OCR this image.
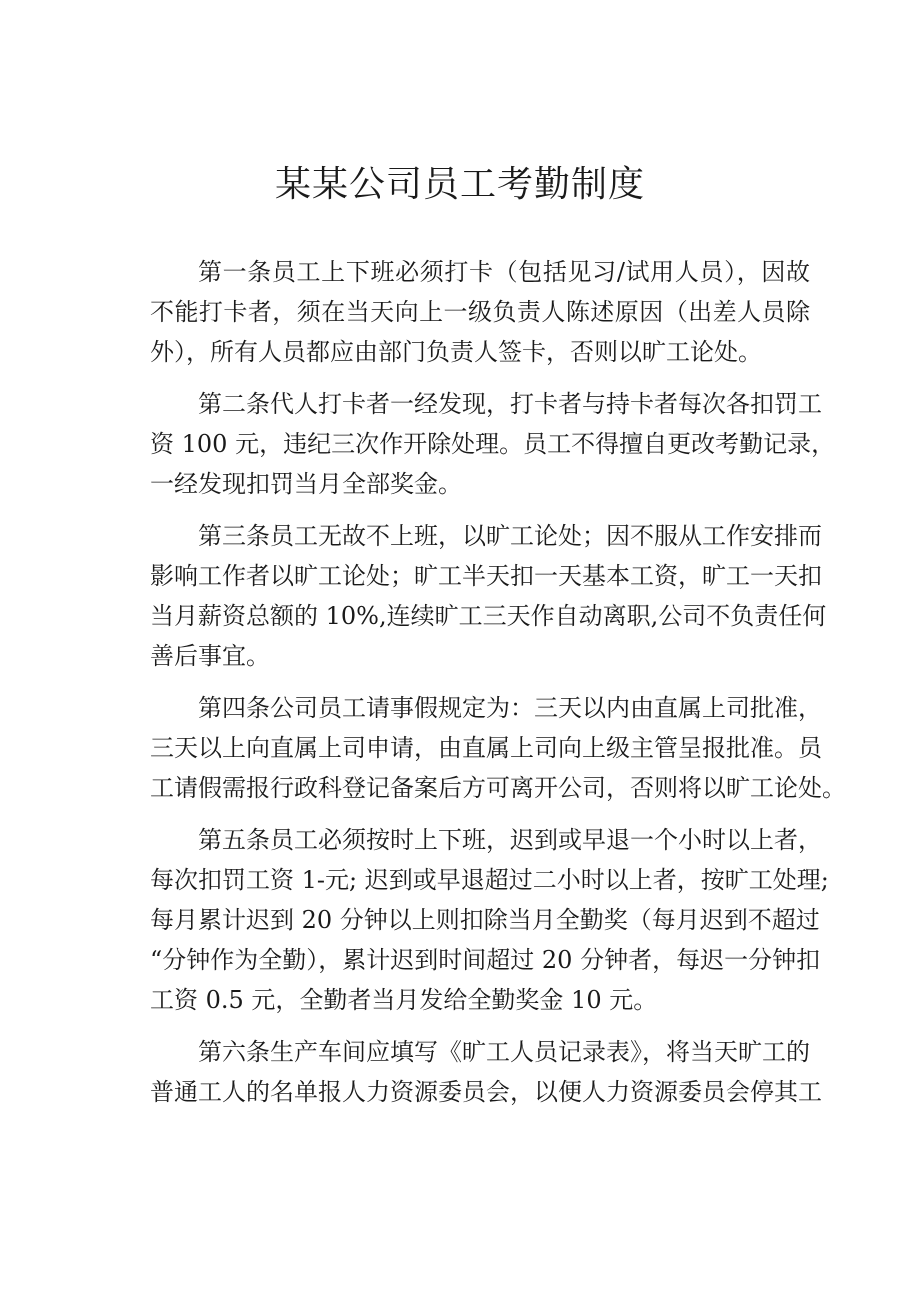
某某公司员工考勤制度

第一条员工上下班必须打卡（包括见习/试用人员），因故

不能打卡者，须在当天向上一级负责人陈述原因（出差人员除

外），所有人员都应由部门负责人签卡，否则以旷工论处。

第二条代人打卡者一经发现，打卡者与持卡者每次各扣罚工

资 100 元，违纪三次作开除处理。员工不得擅自更改考勤记录，

一经发现扣罚当月全部奖金。

第三条员工无故不上班，以旷工论处；因不服从工作安排而

影响工作者以旷工论处；旷工半天扣一天基本工资，旷工一天扣

当月薪资总额的 10%,连续旷工三天作自动离职,公司不负责任何

善后事宜。

第四条公司员工请事假规定为：三天以内由直属上司批准，

三天以上向直属上司申请，由直属上司向上级主管呈报批准。员

工请假需报行政科登记备案后方可离开公司，否则将以旷工论处。

第五条员工必须按时上下班，迟到或早退一个小时以上者，

每次扣罚工资 1-元; 迟到或早退超过二小时以上者，按旷工处理;

每月累计迟到 20 分钟以上则扣除当月全勤奖（每月迟到不超过

“分钟作为全勤），累计迟到时间超过 20 分钟者，每迟一分钟扣

工资 0.5 元，全勤者当月发给全勤奖金 10 元。

第六条生产车间应填写《旷工人员记录表》，将当天旷工的

普通工人的名单报人力资源委员会，以便人力资源委员会停其工
